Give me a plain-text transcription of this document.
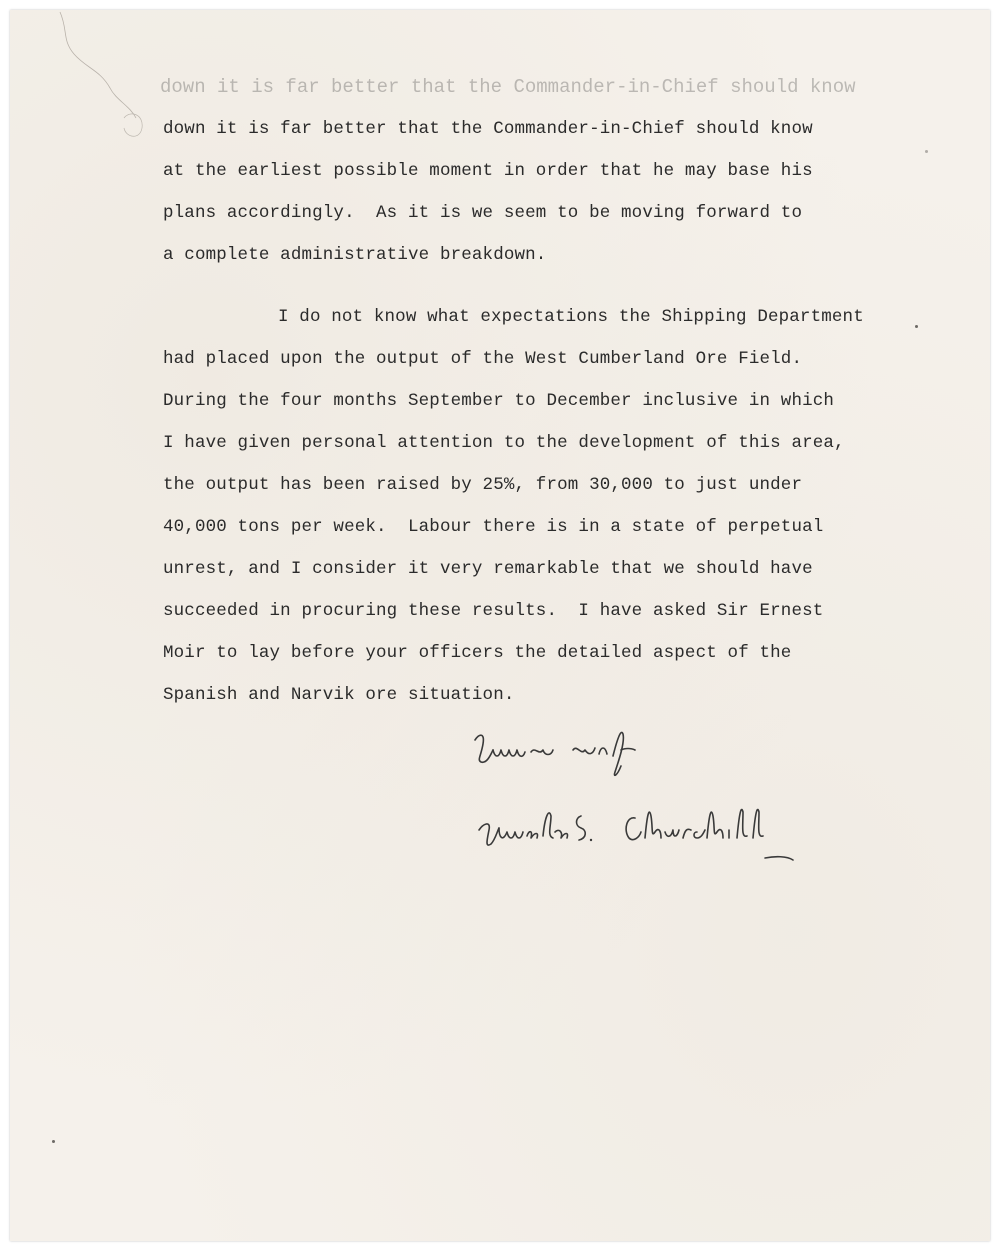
down it is far better that the Commander-in-Chief should know

down it is far better that the Commander-in-Chief should know
at the earliest possible moment in order that he may base his
plans accordingly.  As it is we seem to be moving forward to
a complete administrative breakdown.

I do not know what expectations the Shipping Department
had placed upon the output of the West Cumberland Ore Field.
During the four months September to December inclusive in which
I have given personal attention to the development of this area,
the output has been raised by 25%, from 30,000 to just under
40,000 tons per week.  Labour there is in a state of perpetual
unrest, and I consider it very remarkable that we should have
succeeded in procuring these results.  I have asked Sir Ernest
Moir to lay before your officers the detailed aspect of the
Spanish and Narvik ore situation.
